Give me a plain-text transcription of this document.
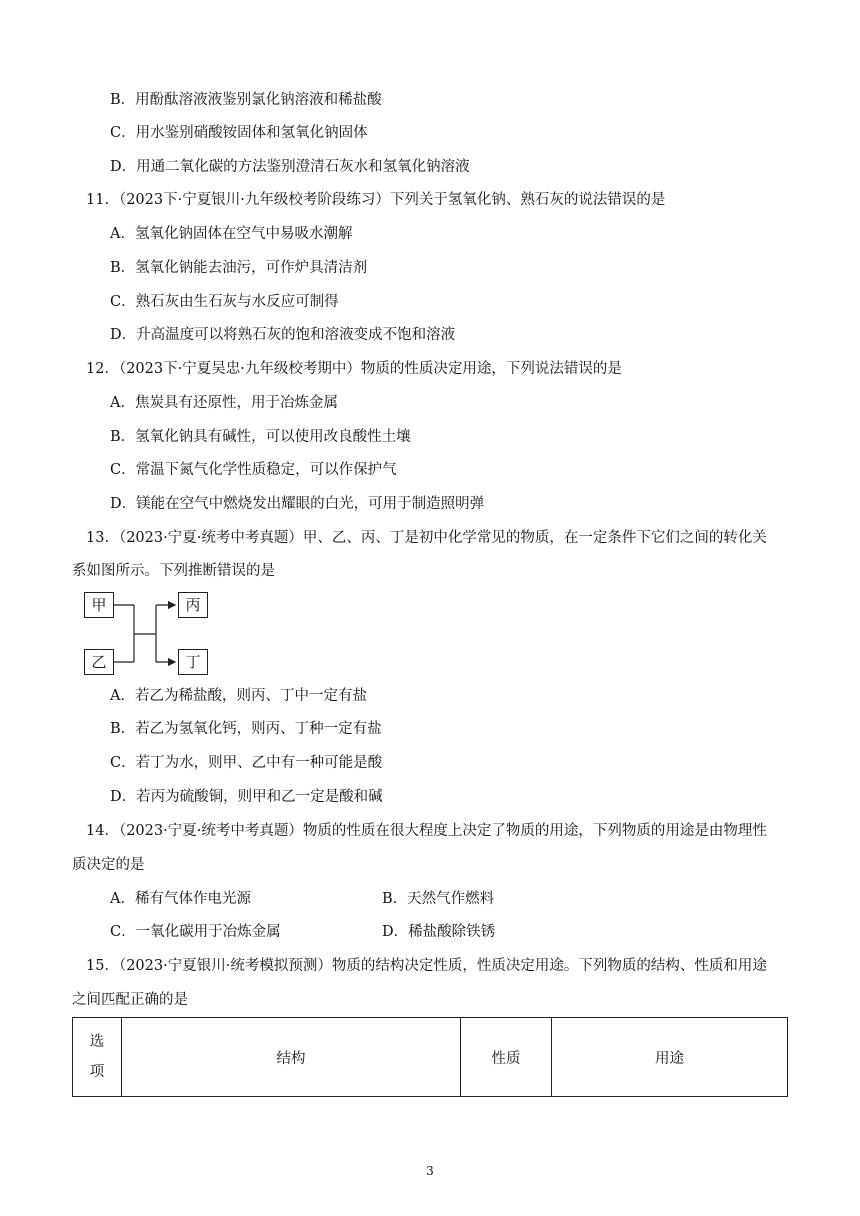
B．用酚酞溶液液鉴别氯化钠溶液和稀盐酸
C．用水鉴别硝酸铵固体和氢氧化钠固体
D．用通二氧化碳的方法鉴别澄清石灰水和氢氧化钠溶液
11．（2023下·宁夏银川·九年级校考阶段练习）下列关于氢氧化钠、熟石灰的说法错误的是
A．氢氧化钠固体在空气中易吸水潮解
B．氢氧化钠能去油污，可作炉具清洁剂
C．熟石灰由生石灰与水反应可制得
D．升高温度可以将熟石灰的饱和溶液变成不饱和溶液
12．（2023下·宁夏吴忠·九年级校考期中）物质的性质决定用途，下列说法错误的是
A．焦炭具有还原性，用于冶炼金属
B．氢氧化钠具有碱性，可以使用改良酸性土壤
C．常温下氮气化学性质稳定，可以作保护气
D．镁能在空气中燃烧发出耀眼的白光，可用于制造照明弹
13．（2023·宁夏·统考中考真题）甲、乙、丙、丁是初中化学常见的物质，在一定条件下它们之间的转化关
系如图所示。下列推断错误的是
甲
乙
丙
丁
A．若乙为稀盐酸，则丙、丁中一定有盐
B．若乙为氢氧化钙，则丙、丁种一定有盐
C．若丁为水，则甲、乙中有一种可能是酸
D．若丙为硫酸铜，则甲和乙一定是酸和碱
14．（2023·宁夏·统考中考真题）物质的性质在很大程度上决定了物质的用途，下列物质的用途是由物理性
质决定的是
A．稀有气体作电光源	B．天然气作燃料
C．一氧化碳用于冶炼金属	D．稀盐酸除铁锈
15．（2023·宁夏银川·统考模拟预测）物质的结构决定性质，性质决定用途。下列物质的结构、性质和用途
之间匹配正确的是
选
项
	结构	性质	用途
3
